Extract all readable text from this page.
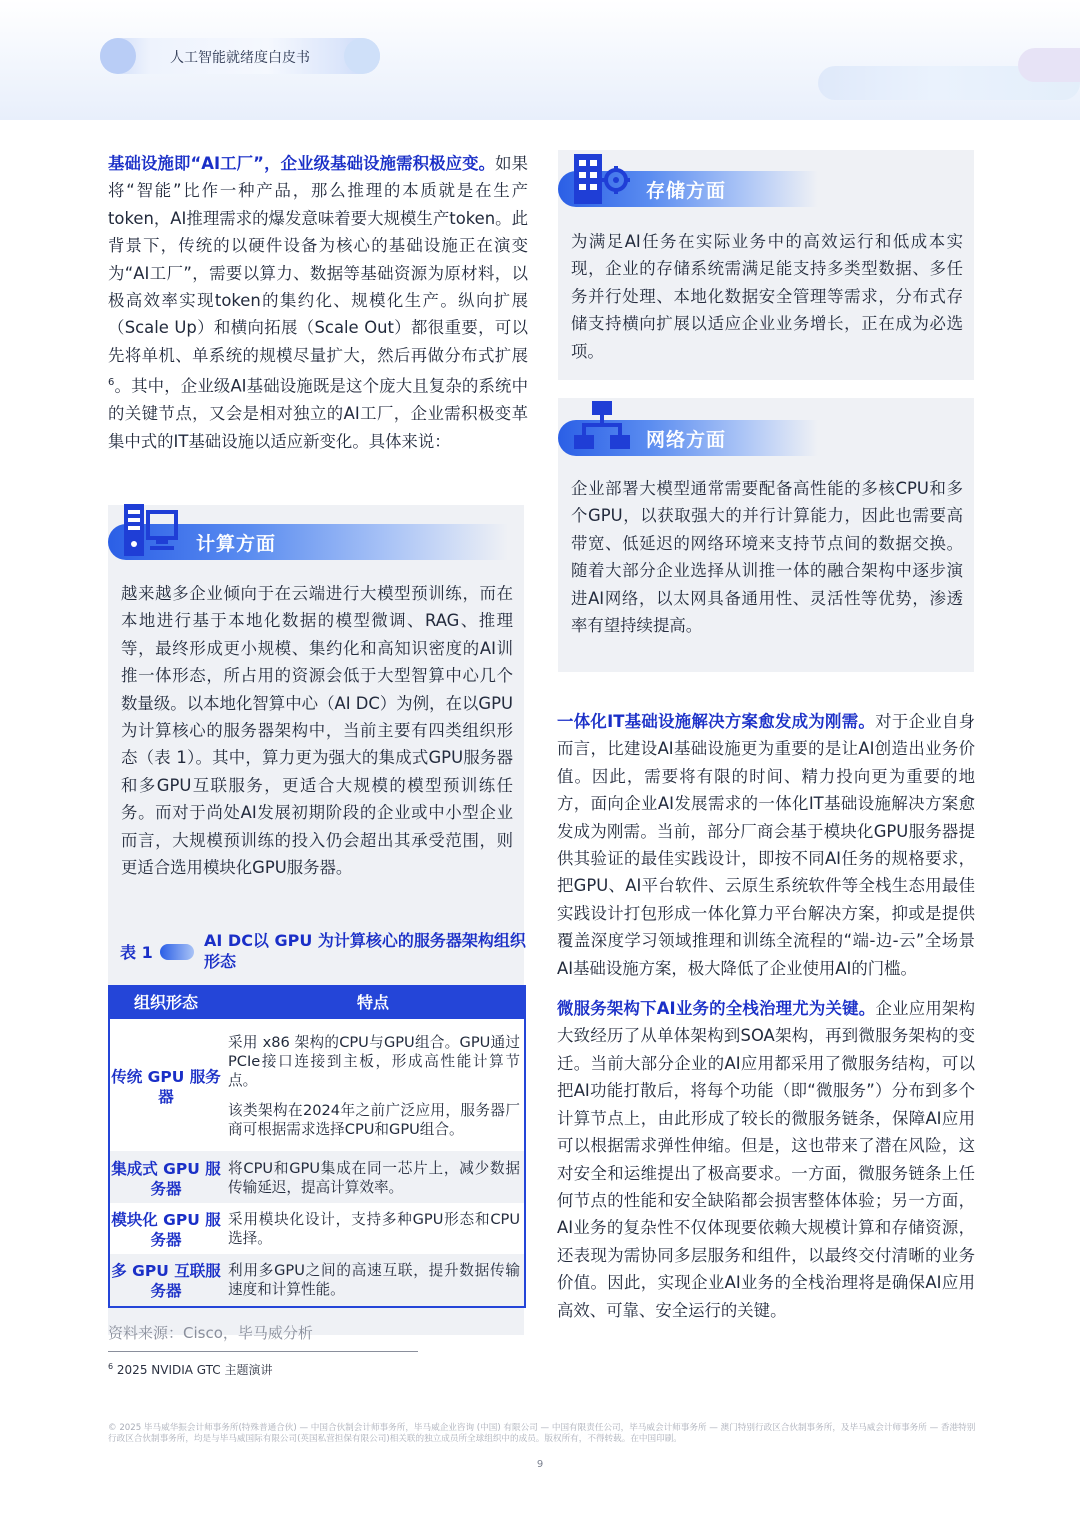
人工智能就绪度白皮书

基础设施即“AI工厂”，企业级基础设施需积极应变。如果将“智能”比作一种产品，那么推理的本质就是在生产token，AI推理需求的爆发意味着要大规模生产token。此背景下，传统的以硬件设备为核心的基础设施正在演变为“AI工厂”，需要以算力、数据等基础资源为原材料，以极高效率实现token的集约化、规模化生产。纵向扩展（Scale Up）和横向拓展（Scale Out）都很重要，可以先将单机、单系统的规模尽量扩大，然后再做分布式扩展$^6$。其中，企业级AI基础设施既是这个庞大且复杂的系统中的关键节点，又会是相对独立的AI工厂，企业需积极变革集中式的IT基础设施以适应新变化。具体来说：

计算方面
越来越多企业倾向于在云端进行大模型预训练，而在本地进行基于本地化数据的模型微调、RAG、推理等，最终形成更小规模、集约化和高知识密度的AI训推一体形态，所占用的资源会低于大型智算中心几个数量级。以本地化智算中心（AI DC）为例，在以GPU为计算核心的服务器架构中，当前主要有四类组织形态（表 1）。其中，算力更为强大的集成式GPU服务器和多GPU互联服务，更适合大规模的模型预训练任务。而对于尚处AI发展初期阶段的企业或中小型企业而言，大规模预训练的投入仍会超出其承受范围，则更适合选用模块化GPU服务器。
表 1
AI DC以 GPU 为计算核心的服务器架构组织形态
组织形态	特点
传统 GPU 服务器
采用 x86 架构的CPU与GPU组合。GPU通过PCIe接口连接到主板，形成高性能计算节点。
该类架构在2024年之前广泛应用，服务器厂商可根据需求选择CPU和GPU组合。
集成式 GPU 服务器
将CPU和GPU集成在同一芯片上，减少数据传输延迟，提高计算效率。
模块化 GPU 服务器
采用模块化设计，支持多种GPU形态和CPU选择。
多 GPU 互联服务器
利用多GPU之间的高速互联，提升数据传输速度和计算性能。
资料来源：Cisco，毕马威分析
$^6$ 2025 NVIDIA GTC 主题演讲
存储方面
为满足AI任务在实际业务中的高效运行和低成本实现，企业的存储系统需满足能支持多类型数据、多任务并行处理、本地化数据安全管理等需求，分布式存储支持横向扩展以适应企业业务增长，正在成为必选项。
网络方面
企业部署大模型通常需要配备高性能的多核CPU和多个GPU，以获取强大的并行计算能力，因此也需要高带宽、低延迟的网络环境来支持节点间的数据交换。随着大部分企业选择从训推一体的融合架构中逐步演进AI网络，以太网具备通用性、灵活性等优势，渗透率有望持续提高。

一体化IT基础设施解决方案愈发成为刚需。对于企业自身而言，比建设AI基础设施更为重要的是让AI创造出业务价值。因此，需要将有限的时间、精力投向更为重要的地方，面向企业AI发展需求的一体化IT基础设施解决方案愈发成为刚需。当前，部分厂商会基于模块化GPU服务器提供其验证的最佳实践设计，即按不同AI任务的规格要求，把GPU、AI平台软件、云原生系统软件等全栈生态用最佳实践设计打包形成一体化算力平台解决方案，抑或是提供覆盖深度学习领域推理和训练全流程的“端-边-云”全场景AI基础设施方案，极大降低了企业使用AI的门槛。

微服务架构下AI业务的全栈治理尤为关键。企业应用架构大致经历了从单体架构到SOA架构，再到微服务架构的变迁。当前大部分企业的AI应用都采用了微服务结构，可以把AI功能打散后，将每个功能（即“微服务”）分布到多个计算节点上，由此形成了较长的微服务链条，保障AI应用可以根据需求弹性伸缩。但是，这也带来了潜在风险，这对安全和运维提出了极高要求。一方面，微服务链条上任何节点的性能和安全缺陷都会损害整体体验；另一方面，AI业务的复杂性不仅体现要依赖大规模计算和存储资源，还表现为需协同多层服务和组件，以最终交付清晰的业务价值。因此，实现企业AI业务的全栈治理将是确保AI应用高效、可靠、安全运行的关键。

© 2025 毕马威华振会计师事务所(特殊普通合伙) — 中国合伙制会计师事务所，毕马威企业咨询 (中国) 有限公司 — 中国有限责任公司，毕马威会计师事务所 — 澳门特别行政区合伙制事务所，及毕马威会计师事务所 — 香港特别行政区合伙制事务所，均是与毕马威国际有限公司(英国私营担保有限公司)相关联的独立成员所全球组织中的成员。版权所有，不得转载。在中国印刷。
9
